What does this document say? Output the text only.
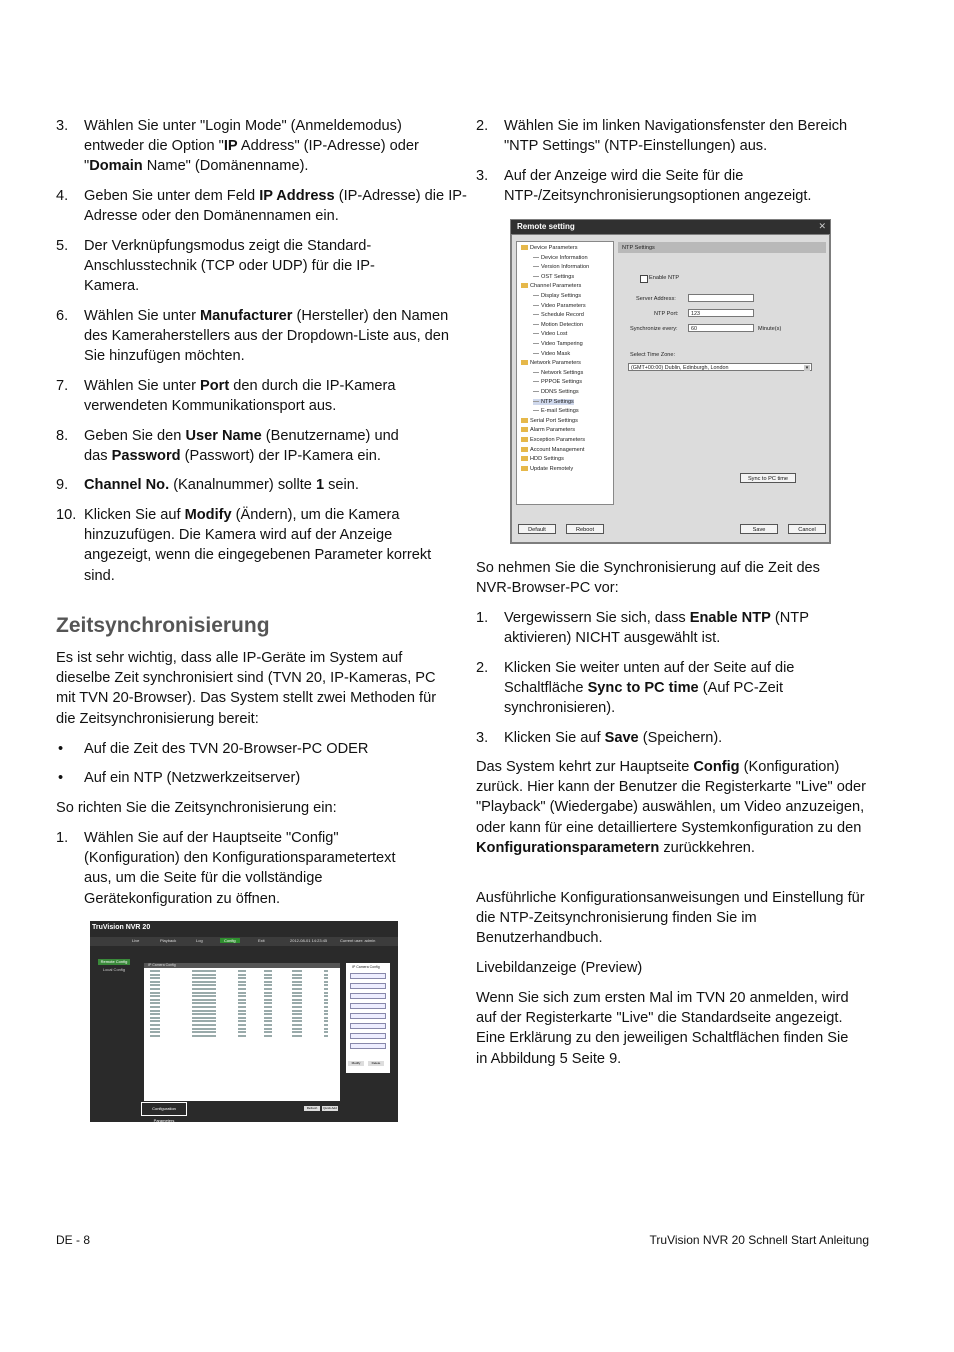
3. Wählen Sie unter "Login Mode" (Anmeldemodus) entweder die Option "IP Address" (IP-Adresse) oder "Domain Name" (Domänenname).
4. Geben Sie unter dem Feld IP Address (IP-Adresse) die IP-Adresse oder den Domänennamen ein.
5. Der Verknüpfungsmodus zeigt die Standard-Anschlusstechnik (TCP oder UDP) für die IP-Kamera.
6. Wählen Sie unter Manufacturer (Hersteller) den Namen des Kameraherstellers aus der Dropdown-Liste aus, den Sie hinzufügen möchten.
7. Wählen Sie unter Port den durch die IP-Kamera verwendeten Kommunikationsport aus.
8. Geben Sie den User Name (Benutzername) und das Password (Passwort) der IP-Kamera ein.
9. Channel No. (Kanalnummer) sollte 1 sein.
10. Klicken Sie auf Modify (Ändern), um die Kamera hinzuzufügen. Die Kamera wird auf der Anzeige angezeigt, wenn die eingegebenen Parameter korrekt sind.
Zeitsynchronisierung
Es ist sehr wichtig, dass alle IP-Geräte im System auf dieselbe Zeit synchronisiert sind (TVN 20, IP-Kameras, PC mit TVN 20-Browser). Das System stellt zwei Methoden für die Zeitsynchronisierung bereit:
• Auf die Zeit des TVN 20-Browser-PC ODER
• Auf ein NTP (Netzwerkzeitserver)
So richten Sie die Zeitsynchronisierung ein:
1. Wählen Sie auf der Hauptseite "Config" (Konfiguration) den Konfigurationsparametertext aus, um die Seite für die vollständige Gerätekonfiguration zu öffnen.
TruVision NVR 20
Live	Playback	Log	Config	Exit	2012-08-01 14:23:45	Current user: admin
Remote Config
Local Config
IP Camera Config	IP Camera Config
Modify	Delete
Configuration Parameters
Refresh	Quick Add
2. Wählen Sie im linken Navigationsfenster den Bereich "NTP Settings" (NTP-Einstellungen) aus.
3. Auf der Anzeige wird die Seite für die NTP-/Zeitsynchronisierungsoptionen angezeigt.
So nehmen Sie die Synchronisierung auf die Zeit des NVR-Browser-PC vor:
1. Vergewissern Sie sich, dass Enable NTP (NTP aktivieren) NICHT ausgewählt ist.
2. Klicken Sie weiter unten auf der Seite auf die Schaltfläche Sync to PC time (Auf PC-Zeit synchronisieren).
3. Klicken Sie auf Save (Speichern).
Das System kehrt zur Hauptseite Config (Konfiguration) zurück. Hier kann der Benutzer die Registerkarte "Live" oder "Playback" (Wiedergabe) auswählen, um Video anzuzeigen, oder kann für eine detailliertere Systemkonfiguration zu den Konfigurationsparametern zurückkehren.
Ausführliche Konfigurationsanweisungen und Einstellung für die NTP-Zeitsynchronisierung finden Sie im Benutzerhandbuch.
Livebildanzeige (Preview)
Wenn Sie sich zum ersten Mal im TVN 20 anmelden, wird auf der Registerkarte "Live" die Standardseite angezeigt. Eine Erklärung zu den jeweiligen Schaltflächen finden Sie in Abbildung 5 Seite 9.
Remote setting	✕
Device Parameters
Device Information
Version Information
OST Settings
Channel Parameters
Display Settings
Video Parameters
Schedule Record
Motion Detection
Video Lost
Video Tampering
Video Mask
Network Parameters
Network Settings
PPPOE Settings
DDNS Settings
NTP Settings
E-mail Settings
Serial Port Settings
Alarm Parameters
Exception Parameters
Account Management
HDD Settings
Update Remotely
NTP Settings
Enable NTP
Server Address:
NTP Port:	123
Synchronize every:	60	Minute(s)
Select Time Zone:
(GMT+00:00) Dublin, Edinburgh, London	▾
Sync to PC time
Default	Reboot	Save	Cancel
DE - 8	TruVision NVR 20 Schnell Start Anleitung
